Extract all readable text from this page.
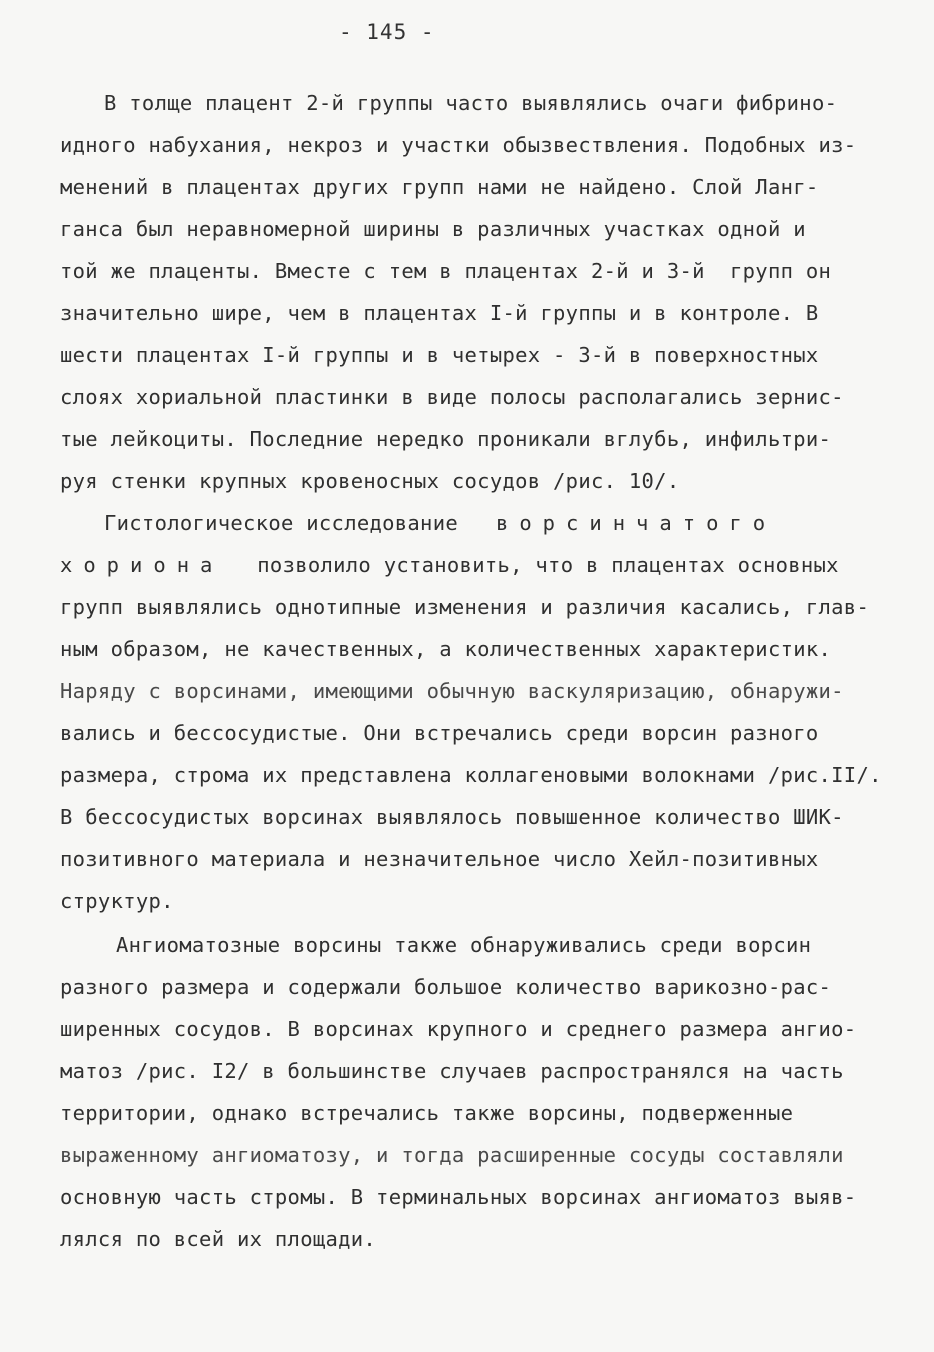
- 145 -
В толще плацент 2-й группы часто выявлялись очаги фибрино-
идного набухания, некроз и участки обызвествления. Подобных из-
менений в плацентах других групп нами не найдено. Слой Ланг-
ганса был неравномерной ширины в различных участках одной и
той же плаценты. Вместе с тем в плацентах 2-й и 3-й  групп он
значительно шире, чем в плацентах I-й группы и в контроле. В
шести плацентах I-й группы и в четырех - 3-й в поверхностных
слоях хориальной пластинки в виде полосы располагались зернис-
тые лейкоциты. Последние нередко проникали вглубь, инфильтри-
руя стенки крупных кровеносных сосудов /рис. 10/.
Гистологическое исследование ворсинчатого
хориона позволило установить, что в плацентах основных
групп выявлялись однотипные изменения и различия касались, глав-
ным образом, не качественных, а количественных характеристик.
Наряду с ворсинами, имеющими обычную васкуляризацию, обнаружи-
вались и бессосудистые. Они встречались среди ворсин разного
размера, строма их представлена коллагеновыми волокнами /рис.II/.
В бессосудистых ворсинах выявлялось повышенное количество ШИК-
позитивного материала и незначительное число Хейл-позитивных
структур.
Ангиоматозные ворсины также обнаруживались среди ворсин
разного размера и содержали большое количество варикозно-рас-
ширенных сосудов. В ворсинах крупного и среднего размера ангио-
матоз /рис. I2/ в большинстве случаев распространялся на часть
территории, однако встречались также ворсины, подверженные
выраженному ангиоматозу, и тогда расширенные сосуды составляли
основную часть стромы. В терминальных ворсинах ангиоматоз выяв-
лялся по всей их площади.
